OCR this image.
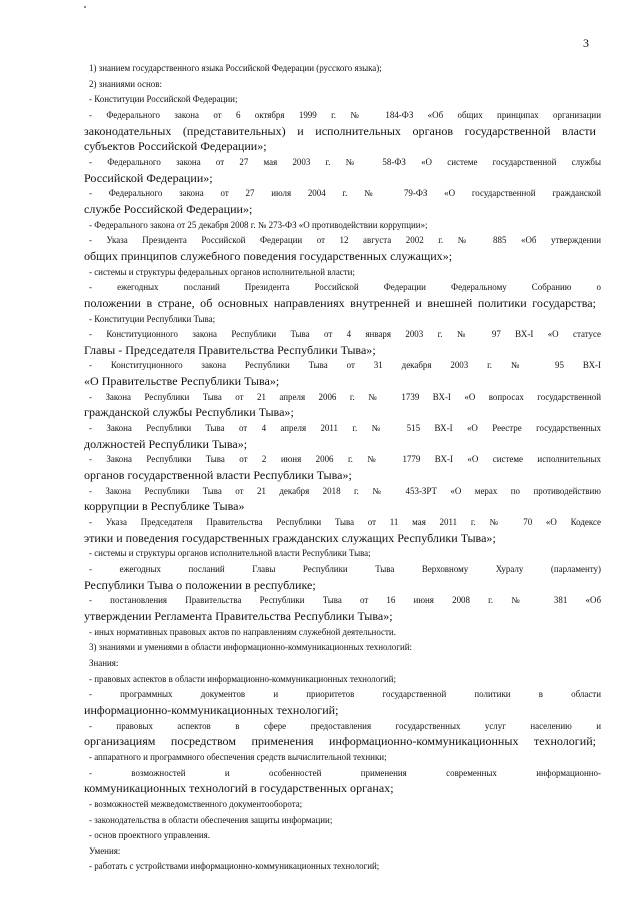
3
1) знанием государственного языка Российской Федерации (русского языка);
2) знаниями основ:
- Конституции Российской Федерации;
- Федерального закона от 6 октября 1999 г. № 184-ФЗ «Об общих принципах организации
законодательных (представительных) и исполнительных органов государственной власти
субъектов Российской Федерации»;
- Федерального закона от 27 мая 2003 г. № 58-ФЗ «О системе государственной службы
Российской Федерации»;
- Федерального закона от 27 июля 2004 г. № 79-ФЗ «О государственной гражданской
службе Российской Федерации»;
- Федерального закона от 25 декабря 2008 г. № 273-ФЗ «О противодействии коррупции»;
- Указа Президента Российской Федерации от 12 августа 2002 г. № 885 «Об утверждении
общих принципов служебного поведения государственных служащих»;
- системы и структуры федеральных органов исполнительной власти;
- ежегодных посланий Президента Российской Федерации Федеральному Собранию о
положении в стране, об основных направлениях внутренней и внешней политики государства;
- Конституции Республики Тыва;
- Конституционного закона Республики Тыва от 4 января 2003 г. № 97 ВХ-I «О статусе
Главы - Председателя Правительства Республики Тыва»;
- Конституционного закона Республики Тыва от 31 декабря 2003 г. № 95 ВХ-I
«О Правительстве Республики Тыва»;
- Закона Республики Тыва от 21 апреля 2006 г. № 1739 ВХ-I «О вопросах государственной
гражданской службы Республики Тыва»;
- Закона Республики Тыва от 4 апреля 2011 г. № 515 ВХ-I «О Реестре государственных
должностей Республики Тыва»;
- Закона Республики Тыва от 2 июня 2006 г. № 1779 ВХ-I «О системе исполнительных
органов государственной власти Республики Тыва»;
- Закона Республики Тыва от 21 декабря 2018 г. № 453-ЗРТ «О мерах по противодействию
коррупции в Республике Тыва»
- Указа Председателя Правительства Республики Тыва от 11 мая 2011 г. № 70 «О Кодексе
этики и поведения государственных гражданских служащих Республики Тыва»;
- системы и структуры органов исполнительной власти Республики Тыва;
- ежегодных посланий Главы Республики Тыва Верховному Хуралу (парламенту)
Республики Тыва о положении в республике;
- постановления Правительства Республики Тыва от 16 июня 2008 г. № 381 «Об
утверждении Регламента Правительства Республики Тыва»;
- иных нормативных правовых актов по направлениям служебной деятельности.
3) знаниями и умениями в области информационно-коммуникационных технологий:
Знания:
- правовых аспектов в области информационно-коммуникационных технологий;
- программных документов и приоритетов государственной политики в области
информационно-коммуникационных технологий;
- правовых аспектов в сфере предоставления государственных услуг населению и
организациям посредством применения информационно-коммуникационных технологий;
- аппаратного и программного обеспечения средств вычислительной техники;
- возможностей и особенностей применения современных информационно-
коммуникационных технологий в государственных органах;
- возможностей межведомственного документооборота;
- законодательства в области обеспечения защиты информации;
- основ проектного управления.
Умения:
- работать с устройствами информационно-коммуникационных технологий;
